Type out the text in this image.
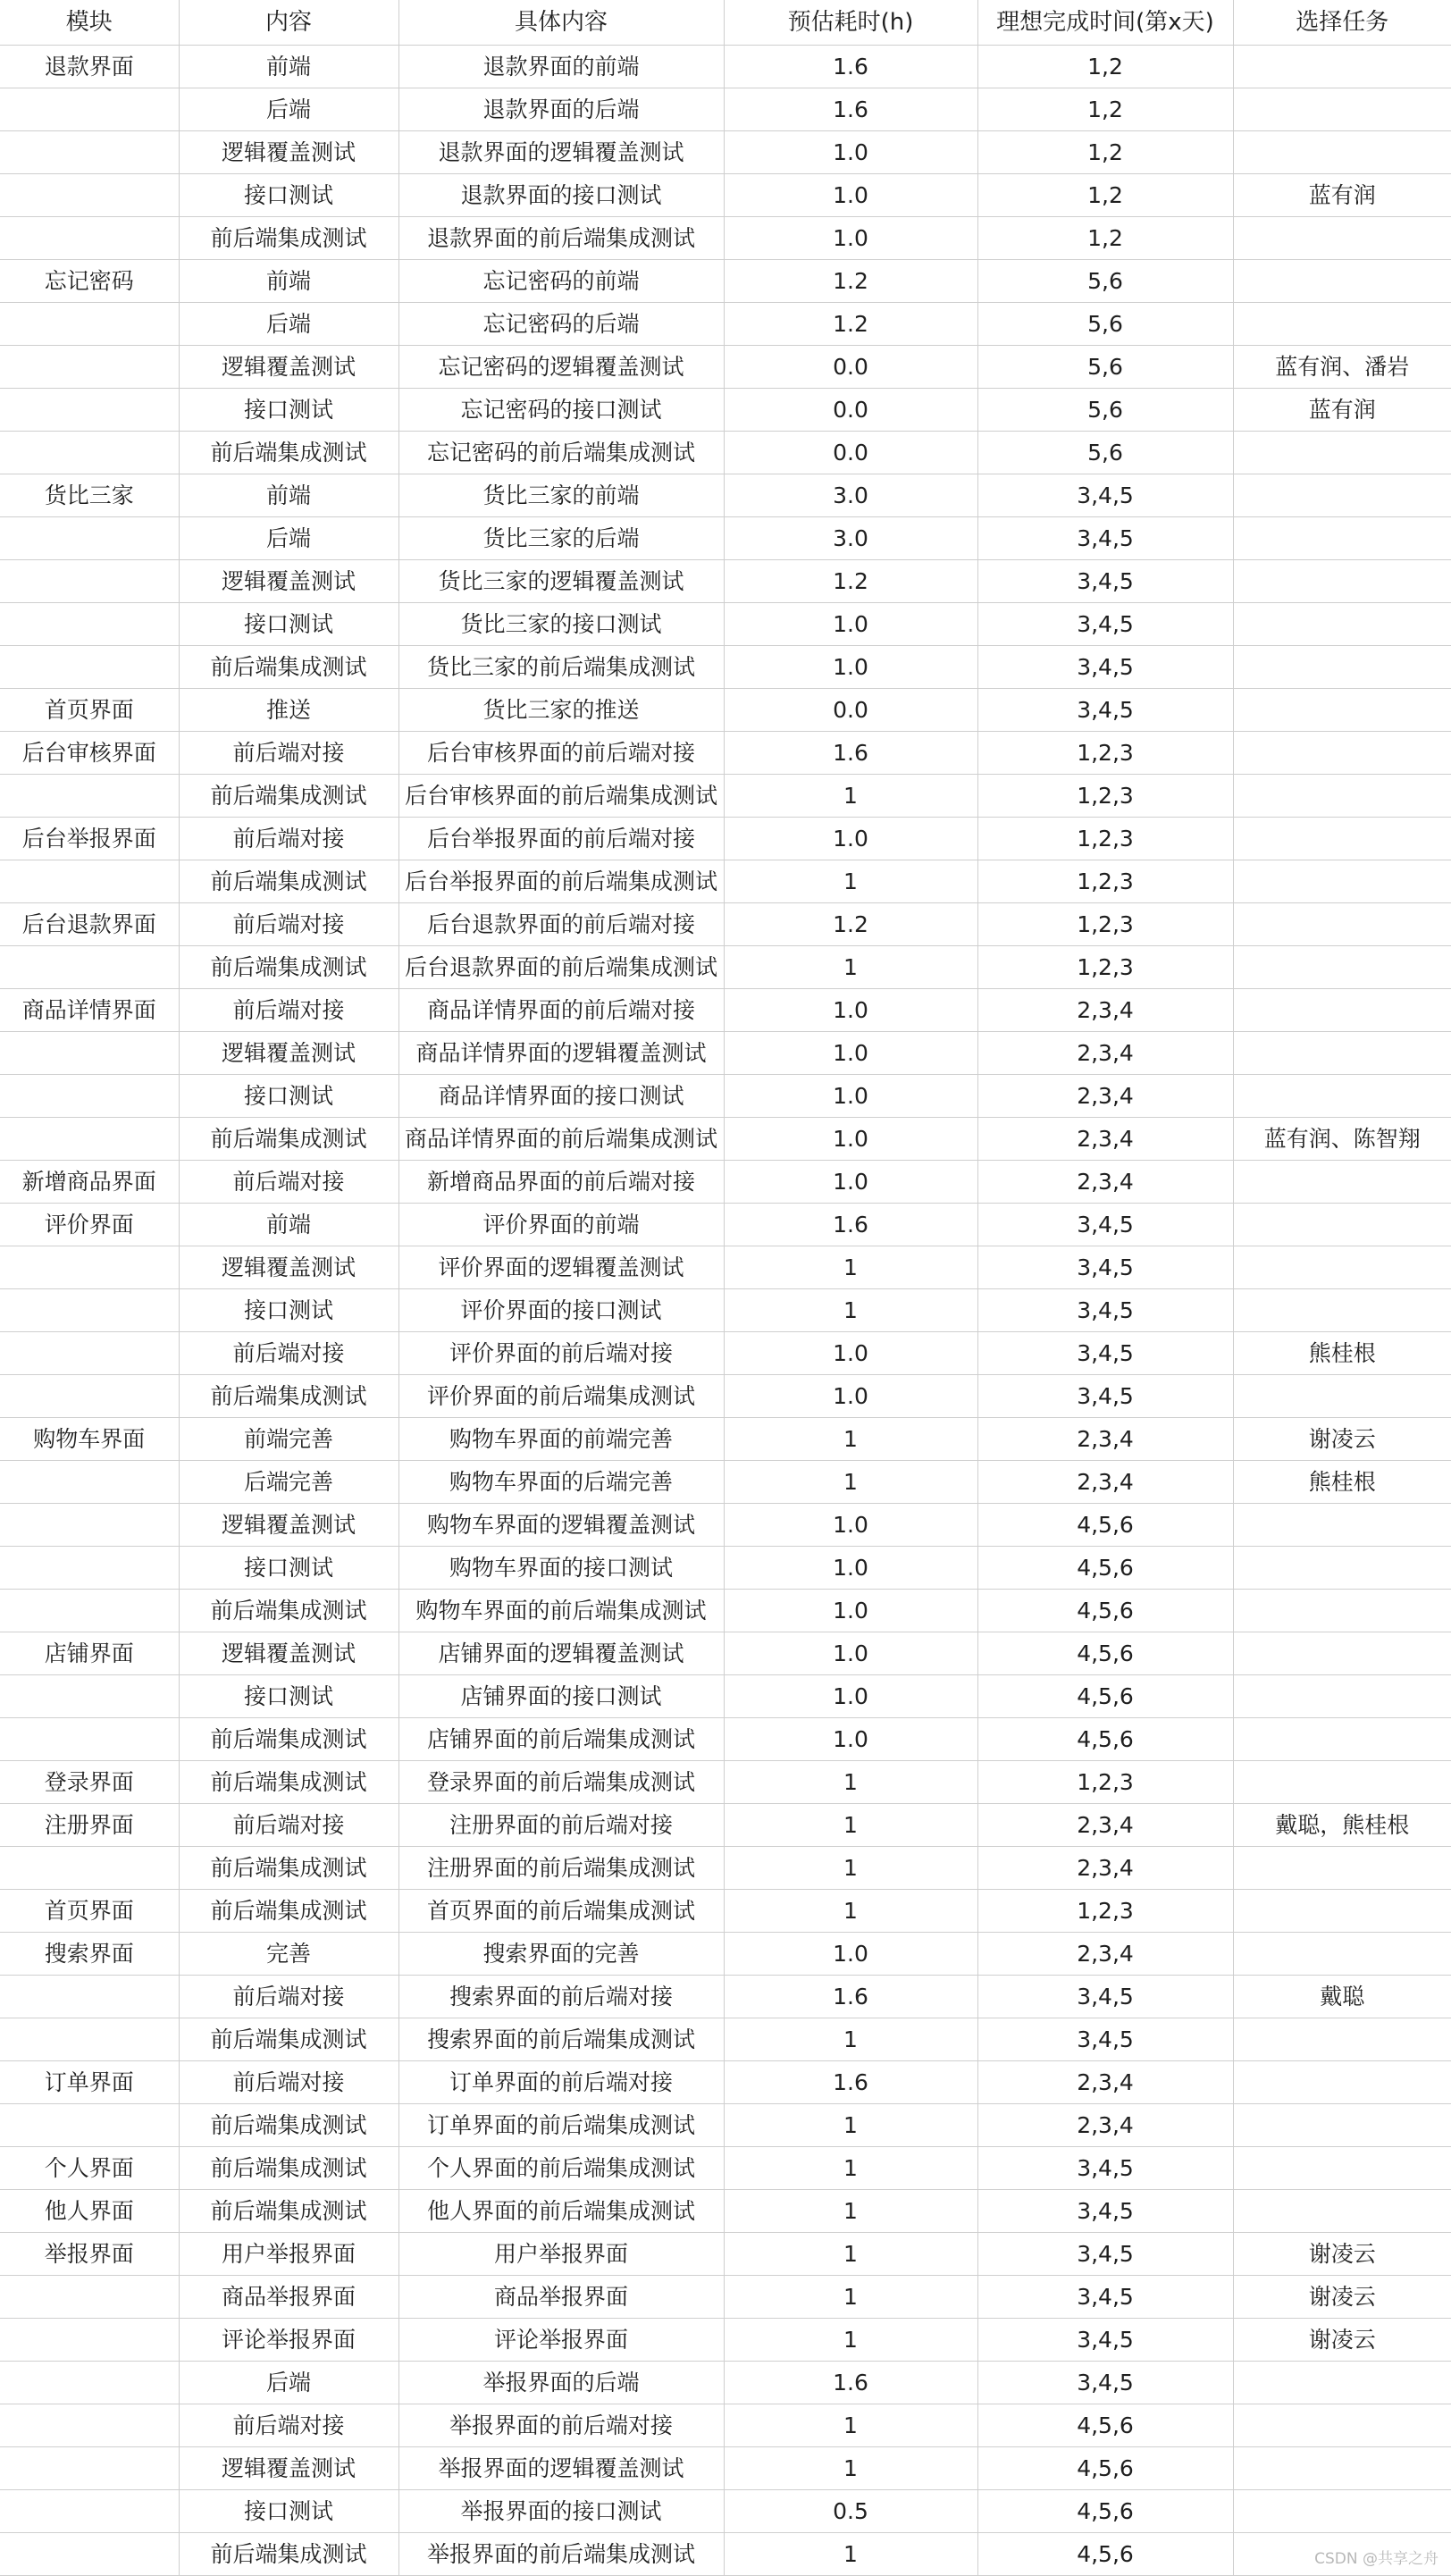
模块	内容	具体内容	预估耗时(h)	理想完成时间(第x天)	选择任务
退款界面	前端	退款界面的前端	1.6	1,2	
	后端	退款界面的后端	1.6	1,2	
	逻辑覆盖测试	退款界面的逻辑覆盖测试	1.0	1,2	
	接口测试	退款界面的接口测试	1.0	1,2	蓝有润
	前后端集成测试	退款界面的前后端集成测试	1.0	1,2	
忘记密码	前端	忘记密码的前端	1.2	5,6	
	后端	忘记密码的后端	1.2	5,6	
	逻辑覆盖测试	忘记密码的逻辑覆盖测试	0.0	5,6	蓝有润、潘岩
	接口测试	忘记密码的接口测试	0.0	5,6	蓝有润
	前后端集成测试	忘记密码的前后端集成测试	0.0	5,6	
货比三家	前端	货比三家的前端	3.0	3,4,5	
	后端	货比三家的后端	3.0	3,4,5	
	逻辑覆盖测试	货比三家的逻辑覆盖测试	1.2	3,4,5	
	接口测试	货比三家的接口测试	1.0	3,4,5	
	前后端集成测试	货比三家的前后端集成测试	1.0	3,4,5	
首页界面	推送	货比三家的推送	0.0	3,4,5	
后台审核界面	前后端对接	后台审核界面的前后端对接	1.6	1,2,3	
	前后端集成测试	后台审核界面的前后端集成测试	1	1,2,3	
后台举报界面	前后端对接	后台举报界面的前后端对接	1.0	1,2,3	
	前后端集成测试	后台举报界面的前后端集成测试	1	1,2,3	
后台退款界面	前后端对接	后台退款界面的前后端对接	1.2	1,2,3	
	前后端集成测试	后台退款界面的前后端集成测试	1	1,2,3	
商品详情界面	前后端对接	商品详情界面的前后端对接	1.0	2,3,4	
	逻辑覆盖测试	商品详情界面的逻辑覆盖测试	1.0	2,3,4	
	接口测试	商品详情界面的接口测试	1.0	2,3,4	
	前后端集成测试	商品详情界面的前后端集成测试	1.0	2,3,4	蓝有润、陈智翔
新增商品界面	前后端对接	新增商品界面的前后端对接	1.0	2,3,4	
评价界面	前端	评价界面的前端	1.6	3,4,5	
	逻辑覆盖测试	评价界面的逻辑覆盖测试	1	3,4,5	
	接口测试	评价界面的接口测试	1	3,4,5	
	前后端对接	评价界面的前后端对接	1.0	3,4,5	熊桂根
	前后端集成测试	评价界面的前后端集成测试	1.0	3,4,5	
购物车界面	前端完善	购物车界面的前端完善	1	2,3,4	谢凌云
	后端完善	购物车界面的后端完善	1	2,3,4	熊桂根
	逻辑覆盖测试	购物车界面的逻辑覆盖测试	1.0	4,5,6	
	接口测试	购物车界面的接口测试	1.0	4,5,6	
	前后端集成测试	购物车界面的前后端集成测试	1.0	4,5,6	
店铺界面	逻辑覆盖测试	店铺界面的逻辑覆盖测试	1.0	4,5,6	
	接口测试	店铺界面的接口测试	1.0	4,5,6	
	前后端集成测试	店铺界面的前后端集成测试	1.0	4,5,6	
登录界面	前后端集成测试	登录界面的前后端集成测试	1	1,2,3	
注册界面	前后端对接	注册界面的前后端对接	1	2,3,4	戴聪，熊桂根
	前后端集成测试	注册界面的前后端集成测试	1	2,3,4	
首页界面	前后端集成测试	首页界面的前后端集成测试	1	1,2,3	
搜索界面	完善	搜索界面的完善	1.0	2,3,4	
	前后端对接	搜索界面的前后端对接	1.6	3,4,5	戴聪
	前后端集成测试	搜索界面的前后端集成测试	1	3,4,5	
订单界面	前后端对接	订单界面的前后端对接	1.6	2,3,4	
	前后端集成测试	订单界面的前后端集成测试	1	2,3,4	
个人界面	前后端集成测试	个人界面的前后端集成测试	1	3,4,5	
他人界面	前后端集成测试	他人界面的前后端集成测试	1	3,4,5	
举报界面	用户举报界面	用户举报界面	1	3,4,5	谢凌云
	商品举报界面	商品举报界面	1	3,4,5	谢凌云
	评论举报界面	评论举报界面	1	3,4,5	谢凌云
	后端	举报界面的后端	1.6	3,4,5	
	前后端对接	举报界面的前后端对接	1	4,5,6	
	逻辑覆盖测试	举报界面的逻辑覆盖测试	1	4,5,6	
	接口测试	举报界面的接口测试	0.5	4,5,6	
	前后端集成测试	举报界面的前后端集成测试	1	4,5,6		CSDN @共享之舟
